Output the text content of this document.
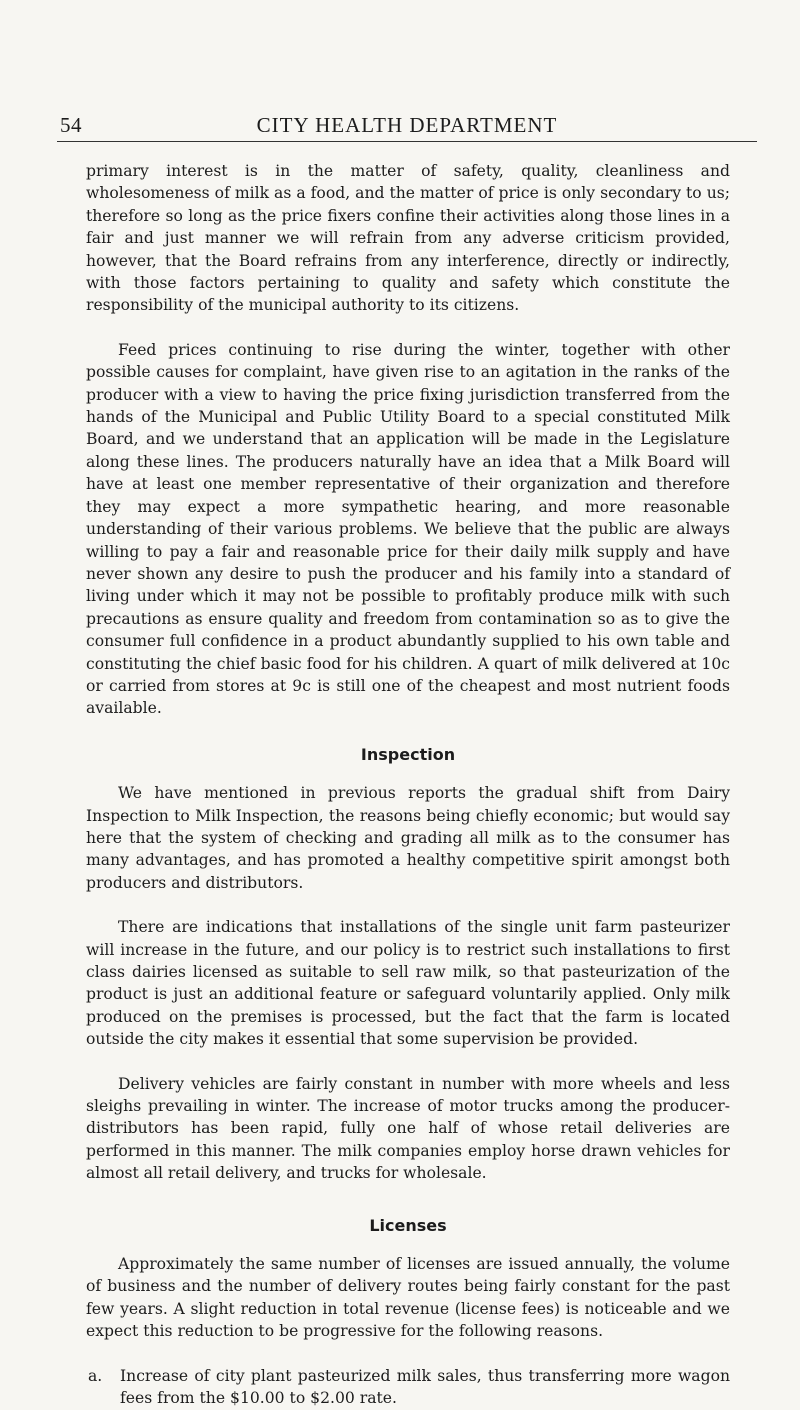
54	CITY HEALTH DEPARTMENT

primary interest is in the matter of safety, quality, cleanliness and wholesomeness of milk as a food, and the matter of price is only secondary to us; therefore so long as the price fixers confine their activities along those lines in a fair and just manner we will refrain from any adverse criticism provided, however, that the Board refrains from any interference, directly or indirectly, with those factors pertaining to quality and safety which constitute the responsibility of the municipal authority to its citizens.

Feed prices continuing to rise during the winter, together with other possible causes for complaint, have given rise to an agitation in the ranks of the producer with a view to having the price fixing jurisdiction transferred from the hands of the Municipal and Public Utility Board to a special constituted Milk Board, and we understand that an application will be made in the Legislature along these lines. The producers naturally have an idea that a Milk Board will have at least one member representative of their organization and therefore they may expect a more sympathetic hearing, and more reasonable understanding of their various problems. We believe that the public are always willing to pay a fair and reasonable price for their daily milk supply and have never shown any desire to push the producer and his family into a standard of living under which it may not be possible to profitably produce milk with such precautions as ensure quality and freedom from contamination so as to give the consumer full confidence in a product abundantly supplied to his own table and constituting the chief basic food for his children. A quart of milk delivered at 10c or carried from stores at 9c is still one of the cheapest and most nutrient foods available.

Inspection

We have mentioned in previous reports the gradual shift from Dairy Inspection to Milk Inspection, the reasons being chiefly economic; but would say here that the system of checking and grading all milk as to the consumer has many advantages, and has promoted a healthy competitive spirit amongst both producers and distributors.

There are indications that installations of the single unit farm pasteurizer will increase in the future, and our policy is to restrict such installations to first class dairies licensed as suitable to sell raw milk, so that pasteurization of the product is just an additional feature or safeguard voluntarily applied. Only milk produced on the premises is processed, but the fact that the farm is located outside the city makes it essential that some supervision be provided.

Delivery vehicles are fairly constant in number with more wheels and less sleighs prevailing in winter. The increase of motor trucks among the producer-distributors has been rapid, fully one half of whose retail deliveries are performed in this manner. The milk companies employ horse drawn vehicles for almost all retail delivery, and trucks for wholesale.

Licenses

Approximately the same number of licenses are issued annually, the volume of business and the number of delivery routes being fairly constant for the past few years. A slight reduction in total revenue (license fees) is noticeable and we expect this reduction to be progressive for the following reasons.

a.	Increase of city plant pasteurized milk sales, thus transferring more wagon fees from the $10.00 to $2.00 rate.
